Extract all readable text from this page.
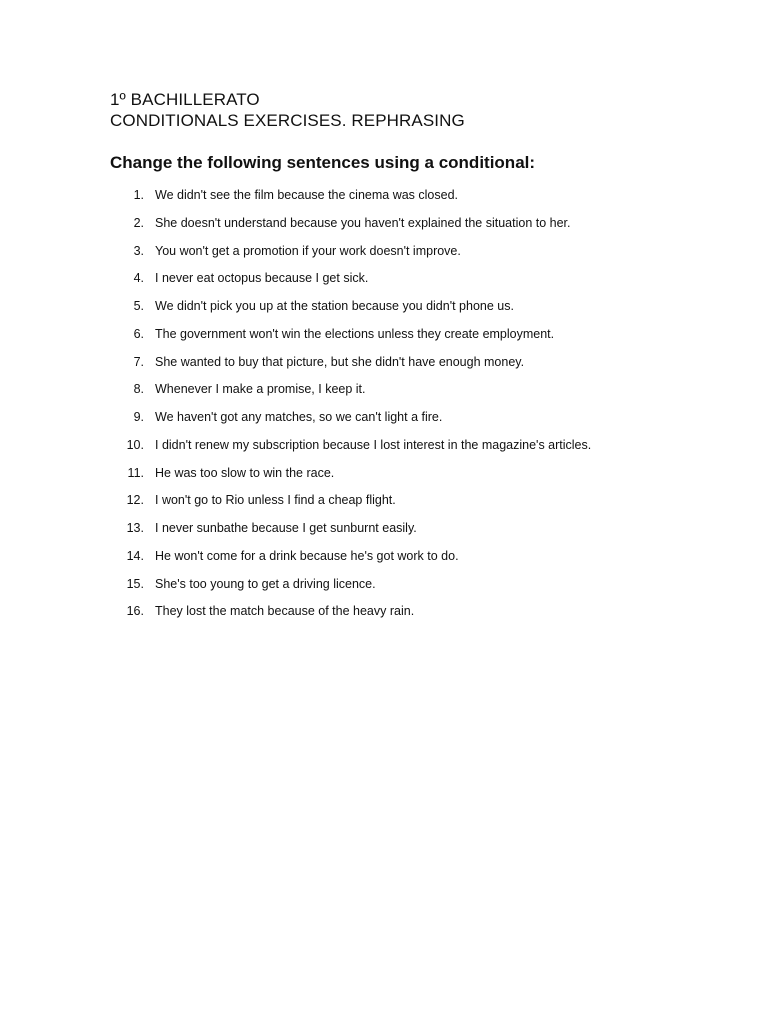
1º BACHILLERATO
CONDITIONALS EXERCISES. REPHRASING
Change the following sentences using a conditional:
1. We didn't see the film because the cinema was closed.
2. She doesn't understand because you haven't explained the situation to her.
3. You won't get a promotion if your work doesn't improve.
4. I never eat octopus because I get sick.
5. We didn't pick you up at the station because you didn't phone us.
6. The government won't win the elections unless they create employment.
7. She wanted to buy that picture, but she didn't have enough money.
8. Whenever I make a promise, I keep it.
9. We haven't got any matches, so we can't light a fire.
10. I didn't renew my subscription because I lost interest in the magazine's articles.
11. He was too slow to win the race.
12. I won't go to Rio unless I find a cheap flight.
13. I never sunbathe because I get sunburnt easily.
14. He won't come for a drink because he's got work to do.
15. She's too young to get a driving licence.
16. They lost the match because of the heavy rain.
